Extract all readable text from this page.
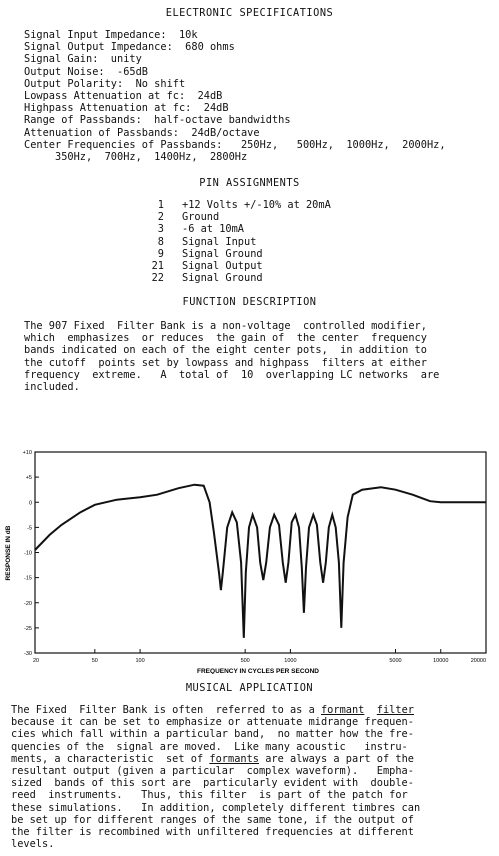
ELECTRONIC SPECIFICATIONS
Signal Input Impedance:  10k
Signal Output Impedance:  680 ohms
Signal Gain:  unity
Output Noise:  -65dB
Output Polarity:  No shift
Lowpass Attenuation at fc:  24dB
Highpass Attenuation at fc:  24dB
Range of Passbands:  half-octave bandwidths
Attenuation of Passbands:  24dB/octave
Center Frequencies of Passbands:   250Hz,   500Hz,  1000Hz,  2000Hz,
350Hz,  700Hz,  1400Hz,  2800Hz
PIN ASSIGNMENTS
1 +12 Volts +/-10% at 20mA
2 Ground
3 -6 at 10mA
8 Signal Input
9 Signal Ground
21 Signal Output
22 Signal Ground
FUNCTION DESCRIPTION
The 907 Fixed  Filter Bank is a non-voltage  controlled modifier,
which  emphasizes  or reduces  the gain of  the center  frequency
bands indicated on each of the eight center pots,  in addition to
the cutoff  points set by lowpass and highpass  filters at either
frequency  extreme.   A  total of  10  overlapping LC networks  are
included.
+10
+5
0
-5
-10
-15
-20
-25
-30
20	50	100	500	1000	5000	10000	20000
RESPONSE IN dB
FREQUENCY IN CYCLES PER SECOND
MUSICAL APPLICATION
The Fixed  Filter Bank is often  referred to as a formant filter
because it can be set to emphasize or attenuate midrange frequen-
cies which fall within a particular band,  no matter how the fre-
quencies of the  signal are moved.  Like many acoustic   instru-
ments, a characteristic  set of formants are always a part of the
resultant output (given a particular  complex waveform).   Empha-
sized  bands of this sort are  particularly evident with  double-
reed  instruments.   Thus, this filter  is part of the patch for
these simulations.   In addition, completely different timbres can
be set up for different ranges of the same tone, if the output of
the filter is recombined with unfiltered frequencies at different
levels.
